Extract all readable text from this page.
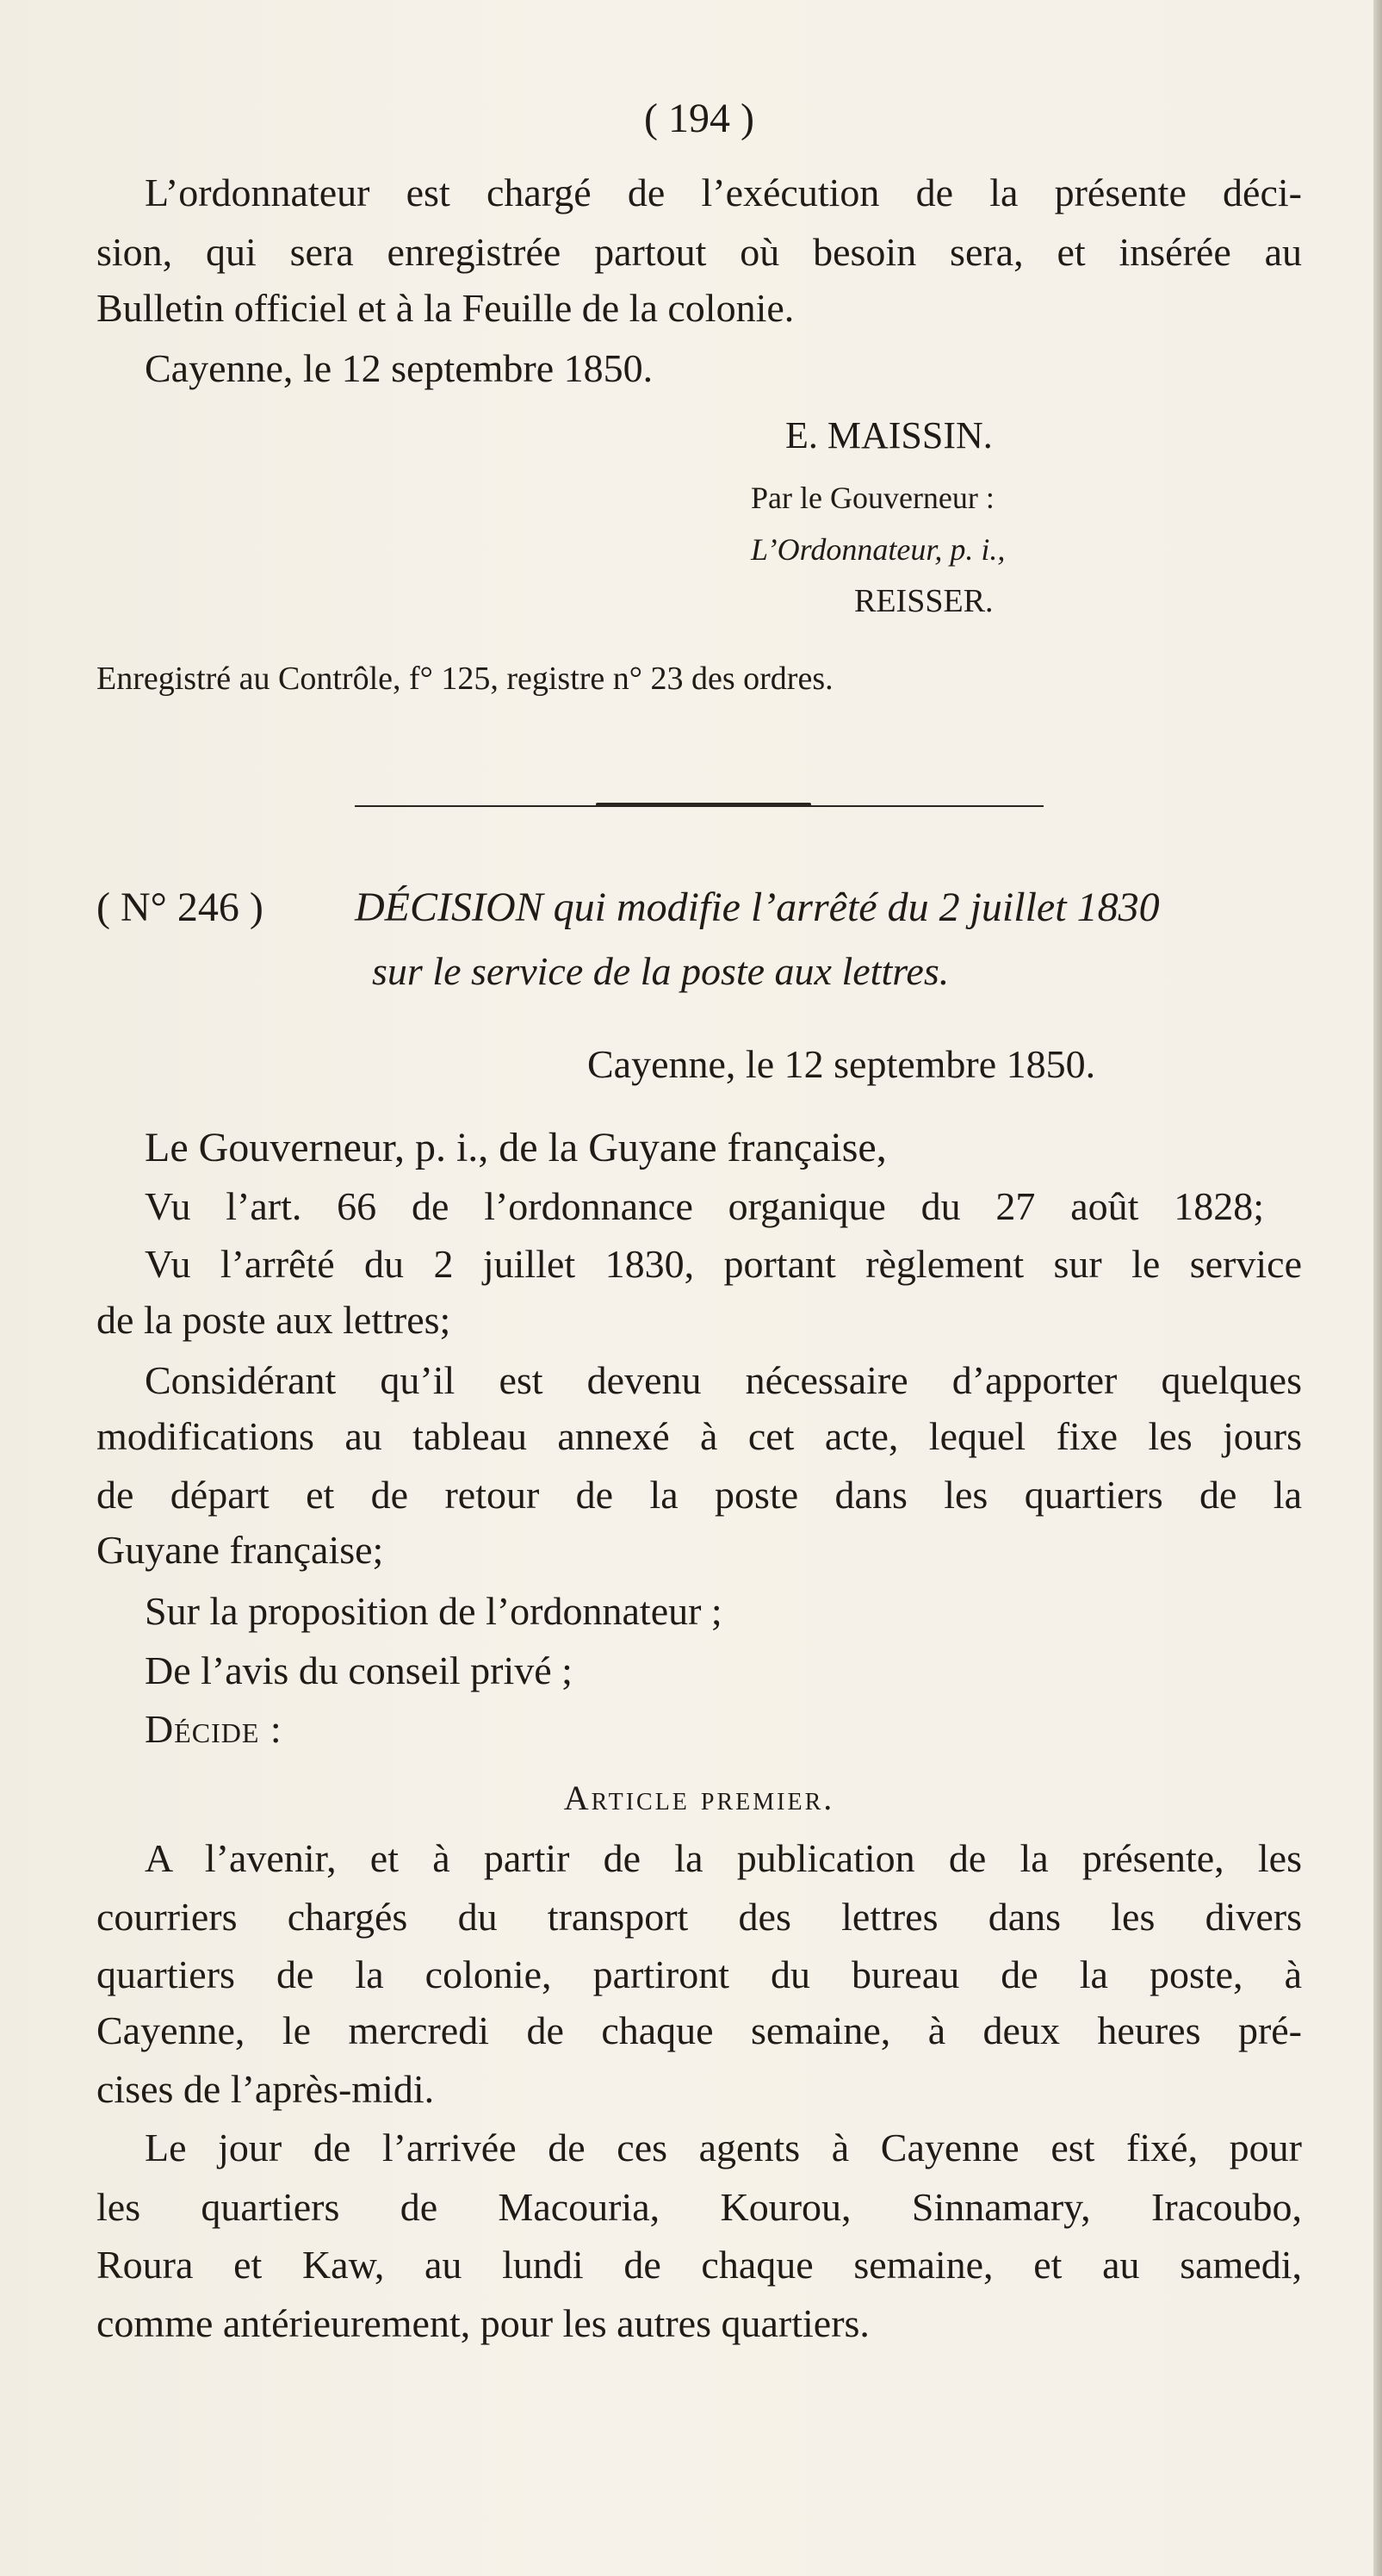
( 194 )
L’ordonnateur est chargé de l’exécution de la présente déci-
sion, qui sera enregistrée partout où besoin sera, et insérée au
Bulletin officiel et à la Feuille de la colonie.
Cayenne, le 12 septembre 1850.
E. MAISSIN.
Par le Gouverneur :
L’Ordonnateur, p. i.,
REISSER.
Enregistré au Contrôle, f° 125, registre n° 23 des ordres.
( N° 246 ) DÉCISION qui modifie l’arrêté du 2 juillet 1830
sur le service de la poste aux lettres.
Cayenne, le 12 septembre 1850.
Le Gouverneur, p. i., de la Guyane française,
Vu l’art. 66 de l’ordonnance organique du 27 août 1828;
Vu l’arrêté du 2 juillet 1830, portant règlement sur le service
de la poste aux lettres;
Considérant qu’il est devenu nécessaire d’apporter quelques
modifications au tableau annexé à cet acte, lequel fixe les jours
de départ et de retour de la poste dans les quartiers de la
Guyane française;
Sur la proposition de l’ordonnateur ;
De l’avis du conseil privé ;
Décide :
Article premier.
A l’avenir, et à partir de la publication de la présente, les
courriers chargés du transport des lettres dans les divers
quartiers de la colonie, partiront du bureau de la poste, à
Cayenne, le mercredi de chaque semaine, à deux heures pré-
cises de l’après-midi.
Le jour de l’arrivée de ces agents à Cayenne est fixé, pour
les quartiers de Macouria, Kourou, Sinnamary, Iracoubo,
Roura et Kaw, au lundi de chaque semaine, et au samedi,
comme antérieurement, pour les autres quartiers.
